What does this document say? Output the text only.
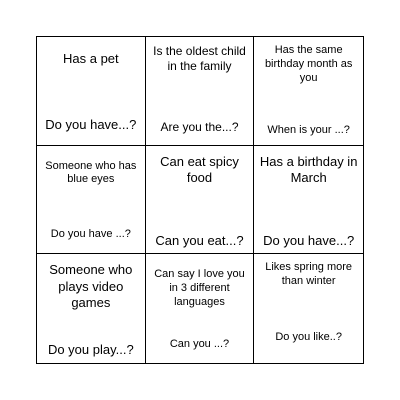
Has a pet
Do you have...?
Is the oldest child in the family
Are you the...?
Has the same birthday month as you
When is your ...?
Someone who has blue eyes
Do you have ...?
Can eat spicy food
Can you eat...?
Has a birthday in March
Do you have...?
Someone who plays video games
Do you play...?
Can say I love you in 3 different languages
Can you ...?
Likes spring more than winter
Do you like..?
